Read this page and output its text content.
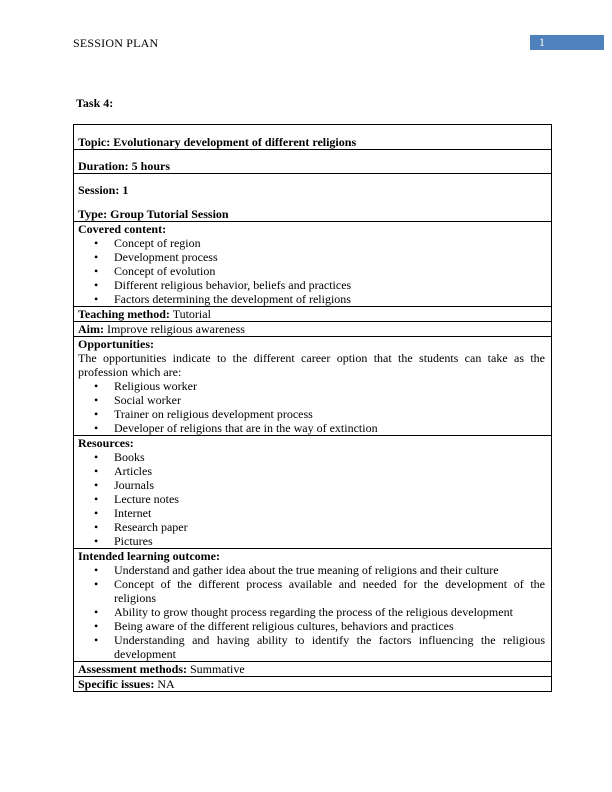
SESSION PLAN	1
Task 4:
Topic: Evolutionary development of different religions
Duration: 5 hours

Session: 1
Type: Group Tutorial Session

Covered content:
• Concept of region
• Development process
• Concept of evolution
• Different religious behavior, beliefs and practices
• Factors determining the development of religions

Teaching method: Tutorial
Aim: Improve religious awareness

Opportunities:
The opportunities indicate to the different career option that the students can take as the profession which are:
• Religious worker
• Social worker
• Trainer on religious development process
• Developer of religions that are in the way of extinction

Resources:
• Books
• Articles
• Journals
• Lecture notes
• Internet
• Research paper
• Pictures

Intended learning outcome:
• Understand and gather idea about the true meaning of religions and their culture
• Concept of the different process available and needed for the development of the religions
• Ability to grow thought process regarding the process of the religious development
• Being aware of the different religious cultures, behaviors and practices
• Understanding and having ability to identify the factors influencing the religious development

Assessment methods: Summative
Specific issues: NA
